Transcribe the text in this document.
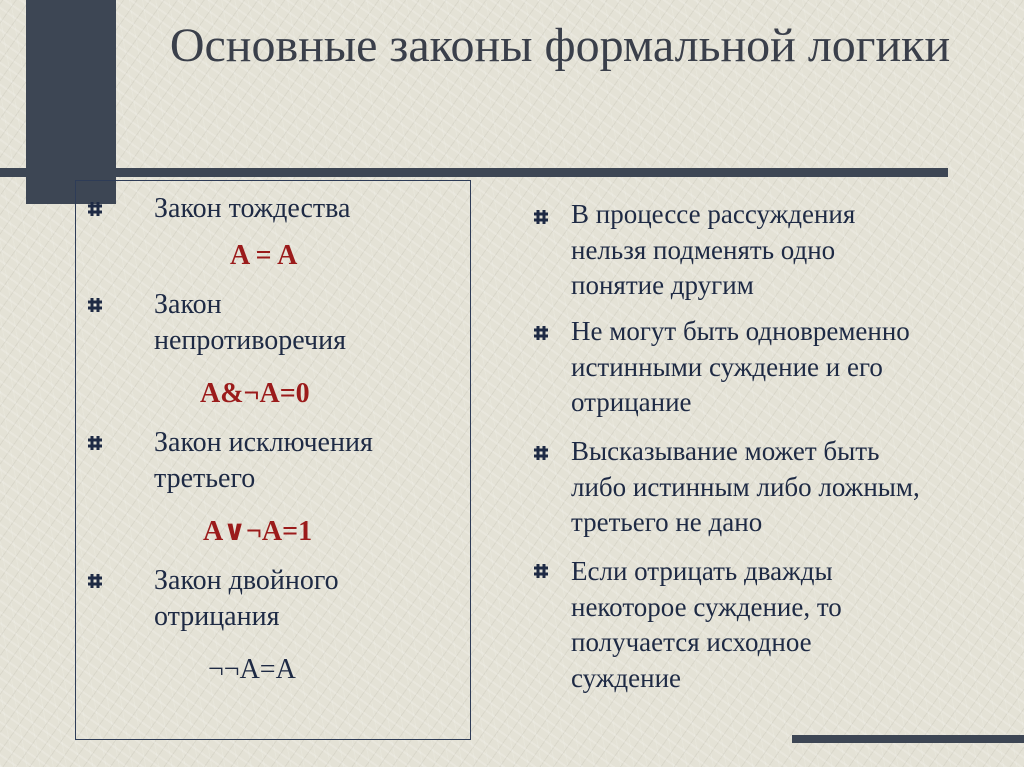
Основные законы формальной логики

Закон тождества

A = A

Закон
непротиворечия

A&¬A=0

Закон исключения
третьего

A∨¬A=1

Закон двойного
отрицания

¬¬A=A

В процессе рассуждения
нельзя подменять одно
понятие другим

Не могут быть одновременно
истинными суждение и его
отрицание

Высказывание может быть
либо истинным либо ложным,
третьего не дано

Если отрицать дважды
некоторое суждение, то
получается исходное
суждение
